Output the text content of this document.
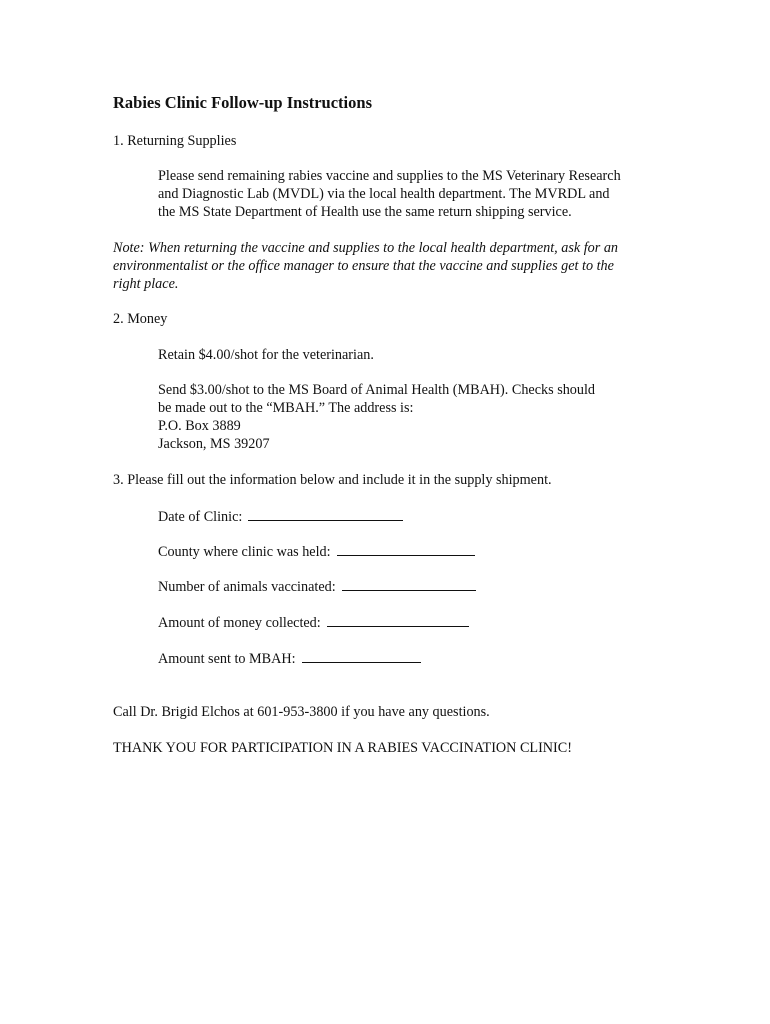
Rabies Clinic Follow-up Instructions
1. Returning Supplies
Please send remaining rabies vaccine and supplies to the MS Veterinary Research
and Diagnostic Lab (MVDL) via the local health department. The MVRDL and
the MS State Department of Health use the same return shipping service.
Note: When returning the vaccine and supplies to the local health department, ask for an
environmentalist or the office manager to ensure that the vaccine and supplies get to the
right place.
2. Money
Retain $4.00/shot for the veterinarian.
Send $3.00/shot to the MS Board of Animal Health (MBAH). Checks should
be made out to the “MBAH.” The address is:
P.O. Box 3889
Jackson, MS 39207
3. Please fill out the information below and include it in the supply shipment.
Date of Clinic:
County where clinic was held:
Number of animals vaccinated:
Amount of money collected:
Amount sent to MBAH:
Call Dr. Brigid Elchos at 601-953-3800 if you have any questions.
THANK YOU FOR PARTICIPATION IN A RABIES VACCINATION CLINIC!
